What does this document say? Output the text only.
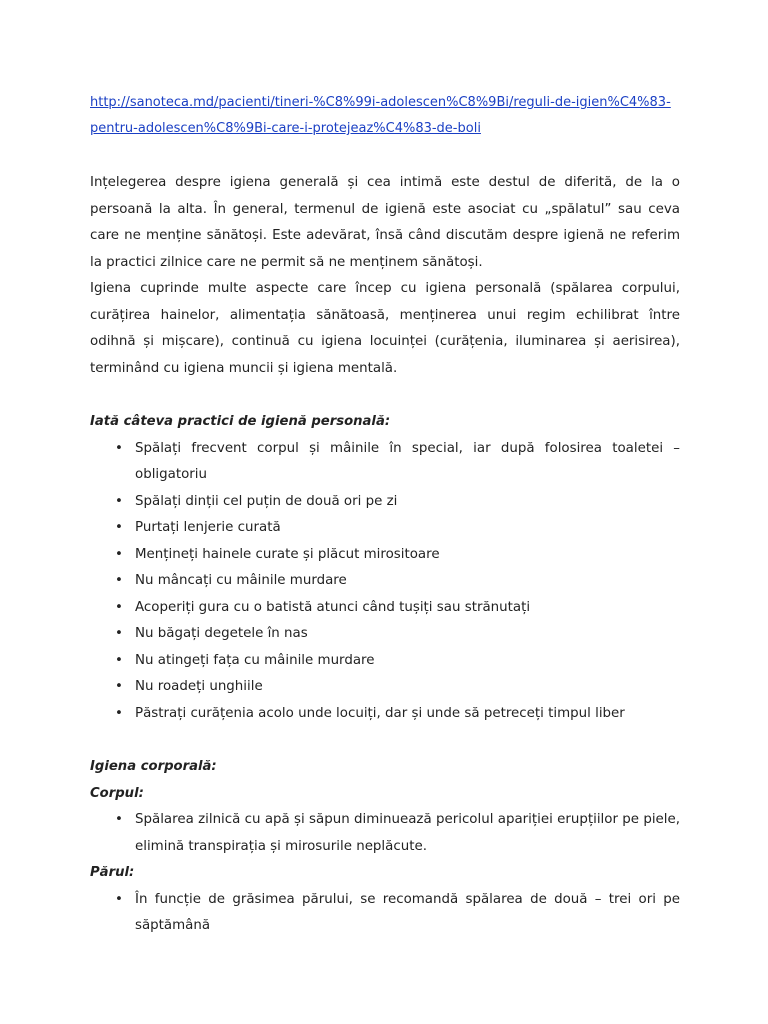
http://sanoteca.md/pacienti/tineri-%C8%99i-adolescen%C8%9Bi/reguli-de-igien%C4%83-
pentru-adolescen%C8%9Bi-care-i-protejeaz%C4%83-de-boli

Ințelegerea despre igiena generală și cea intimă este destul de diferită, de la o persoană la alta. În general, termenul de igienă este asociat cu „spălatul” sau ceva care ne menține sănătoși. Este adevărat, însă când discutăm despre igienă ne referim la practici zilnice care ne permit să ne menținem sănătoși.

Igiena cuprinde multe aspecte care încep cu igiena personală (spălarea corpului, curățirea hainelor, alimentația sănătoasă, menținerea unui regim echilibrat între odihnă și mișcare), continuă cu igiena locuinței (curățenia, iluminarea și aerisirea), terminând cu igiena muncii și igiena mentală.

Iată câteva practici de igienă personală:

• Spălați frecvent corpul și mâinile în special, iar după folosirea toaletei – obligatoriu
• Spălați dinții cel puțin de două ori pe zi
• Purtați lenjerie curată
• Mențineți hainele curate și plăcut mirositoare
• Nu mâncați cu mâinile murdare
• Acoperiți gura cu o batistă atunci când tușiți sau strănutați
• Nu băgați degetele în nas
• Nu atingeți fața cu mâinile murdare
• Nu roadeți unghiile
• Păstrați curățenia acolo unde locuiți, dar și unde să petreceți timpul liber

Igiena corporală:

Corpul:

• Spălarea zilnică cu apă și săpun diminuează pericolul apariției erupțiilor pe piele, elimină transpirația și mirosurile neplăcute.

Părul:

• În funcție de grăsimea părului, se recomandă spălarea de două – trei ori pe săptămână
